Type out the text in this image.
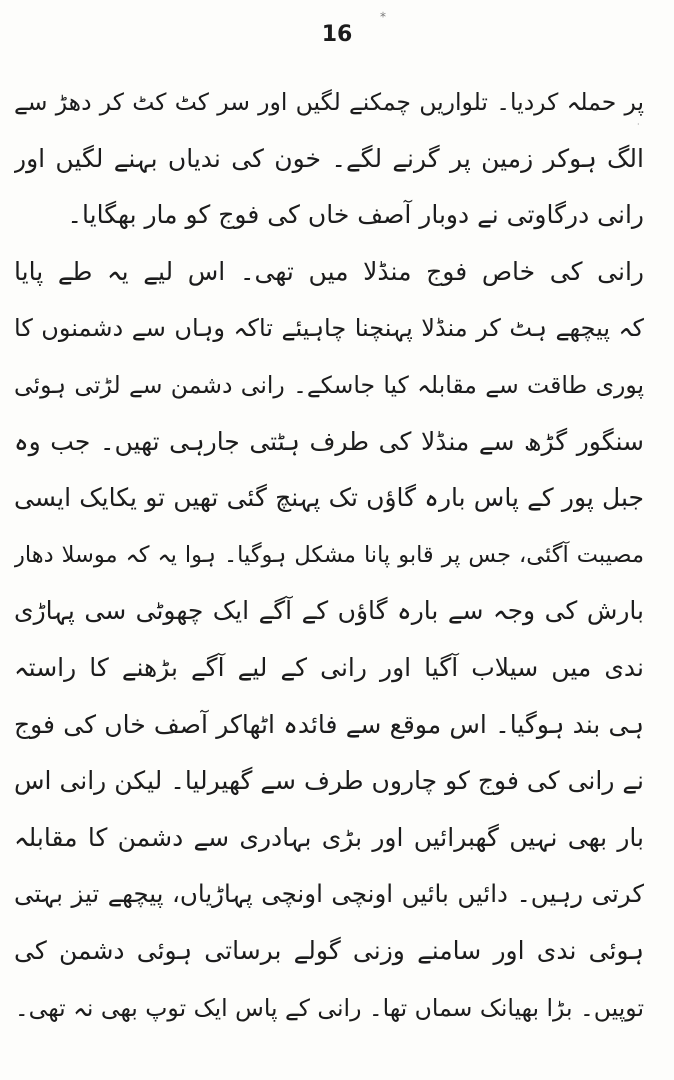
⁎
·
16
پر حملہ کردیا۔ تلواریں چمکنے لگیں اور سر کٹ کٹ کر دھڑ سے
الگ ہوکر زمین پر گرنے لگے۔ خون کی ندیاں بہنے لگیں اور
رانی درگاوتی نے دوبار آصف خاں کی فوج کو مار بھگایا۔
رانی کی خاص فوج منڈلا میں تھی۔ اس لیے یہ طے پایا
کہ پیچھے ہٹ کر منڈلا پہنچنا چاہیئے تاکہ وہاں سے دشمنوں کا
پوری طاقت سے مقابلہ کیا جاسکے۔ رانی دشمن سے لڑتی ہوئی
سنگور گڑھ سے منڈلا کی طرف ہٹتی جارہی تھیں۔ جب وہ
جبل پور کے پاس بارہ گاؤں تک پہنچ گئی تھیں تو یکایک ایسی
مصیبت آگئی، جس پر قابو پانا مشکل ہوگیا۔ ہوا یہ کہ موسلا دھار
بارش کی وجہ سے بارہ گاؤں کے آگے ایک چھوٹی سی پہاڑی
ندی میں سیلاب آگیا اور رانی کے لیے آگے بڑھنے کا راستہ
ہی بند ہوگیا۔ اس موقع سے فائدہ اٹھاکر آصف خاں کی فوج
نے رانی کی فوج کو چاروں طرف سے گھیرلیا۔ لیکن رانی اس
بار بھی نہیں گھبرائیں اور بڑی بہادری سے دشمن کا مقابلہ
کرتی رہیں۔ دائیں بائیں اونچی اونچی پہاڑیاں، پیچھے تیز بہتی
ہوئی ندی اور سامنے وزنی گولے برساتی ہوئی دشمن کی
توپیں۔ بڑا بھیانک سماں تھا۔ رانی کے پاس ایک توپ بھی نہ تھی۔
